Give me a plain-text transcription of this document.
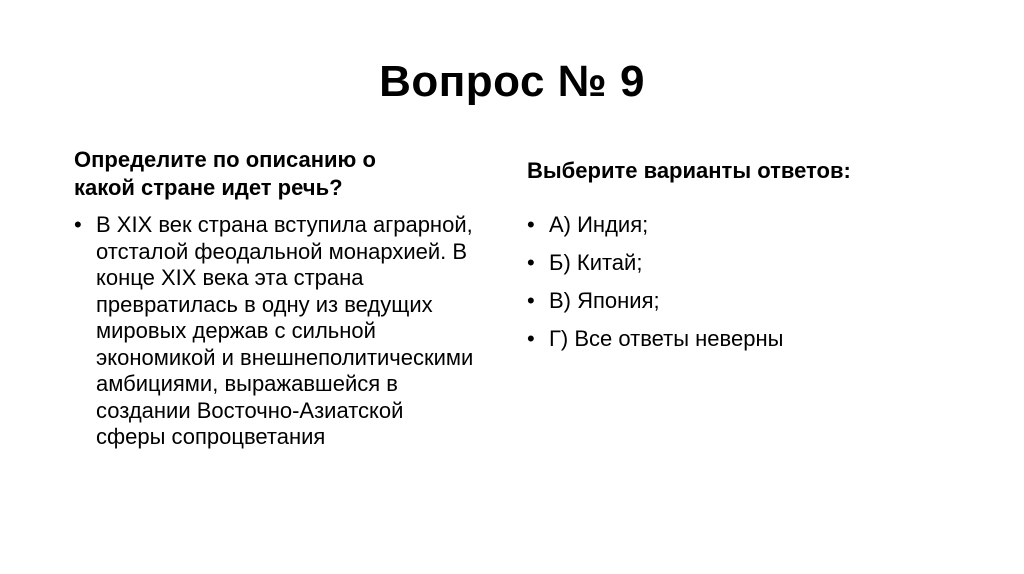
Вопрос № 9
Определите по описанию о какой стране идет речь?
• В XIX век страна вступила аграрной, отсталой феодальной монархией. В конце XIX века эта страна превратилась в одну из ведущих мировых держав с сильной экономикой и внешнеполитическими амбициями, выражавшейся в создании Восточно-Азиатской сферы сопроцветания
Выберите варианты ответов:
• А) Индия;
• Б) Китай;
• В) Япония;
• Г) Все ответы неверны
